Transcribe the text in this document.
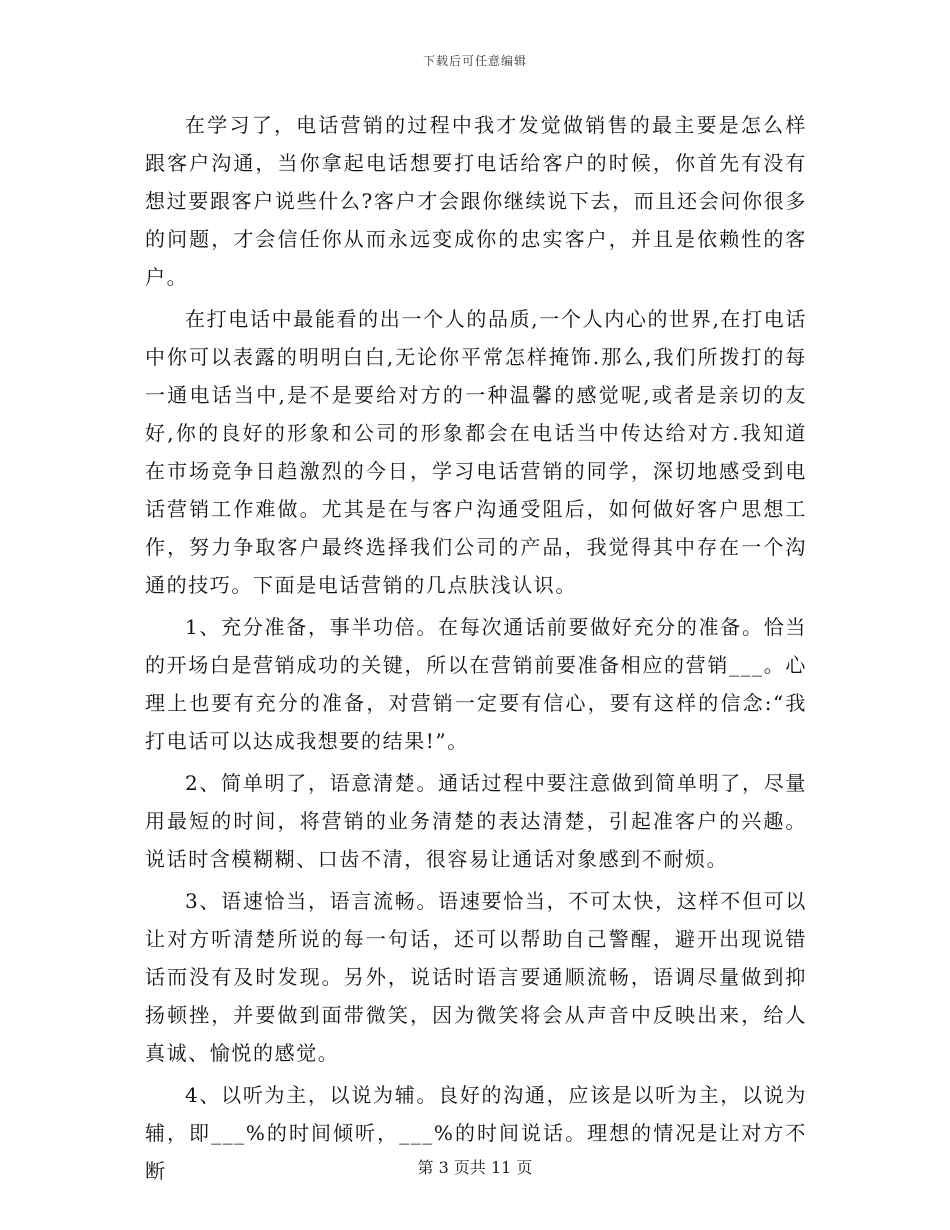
下载后可任意编辑

在学习了，电话营销的过程中我才发觉做销售的最主要是怎么样跟客户沟通，当你拿起电话想要打电话给客户的时候，你首先有没有想过要跟客户说些什么?客户才会跟你继续说下去，而且还会问你很多的问题，才会信任你从而永远变成你的忠实客户，并且是依赖性的客户。

在打电话中最能看的出一个人的品质,一个人内心的世界,在打电话中你可以表露的明明白白,无论你平常怎样掩饰.那么,我们所拨打的每一通电话当中,是不是要给对方的一种温馨的感觉呢,或者是亲切的友好,你的良好的形象和公司的形象都会在电话当中传达给对方.我知道在市场竞争日趋激烈的今日，学习电话营销的同学，深切地感受到电话营销工作难做。尤其是在与客户沟通受阻后，如何做好客户思想工作，努力争取客户最终选择我们公司的产品，我觉得其中存在一个沟通的技巧。下面是电话营销的几点肤浅认识。

1、充分准备，事半功倍。在每次通话前要做好充分的准备。恰当的开场白是营销成功的关键，所以在营销前要准备相应的营销___。心理上也要有充分的准备，对营销一定要有信心，要有这样的信念:“我打电话可以达成我想要的结果!”。

2、简单明了，语意清楚。通话过程中要注意做到简单明了，尽量用最短的时间，将营销的业务清楚的表达清楚，引起准客户的兴趣。说话时含模糊糊、口齿不清，很容易让通话对象感到不耐烦。

3、语速恰当，语言流畅。语速要恰当，不可太快，这样不但可以让对方听清楚所说的每一句话，还可以帮助自己警醒，避开出现说错话而没有及时发现。另外，说话时语言要通顺流畅，语调尽量做到抑扬顿挫，并要做到面带微笑，因为微笑将会从声音中反映出来，给人真诚、愉悦的感觉。

4、以听为主，以说为辅。良好的沟通，应该是以听为主，以说为辅，即___%的时间倾听，___%的时间说话。理想的情况是让对方不断	第 3 页共 11 页
